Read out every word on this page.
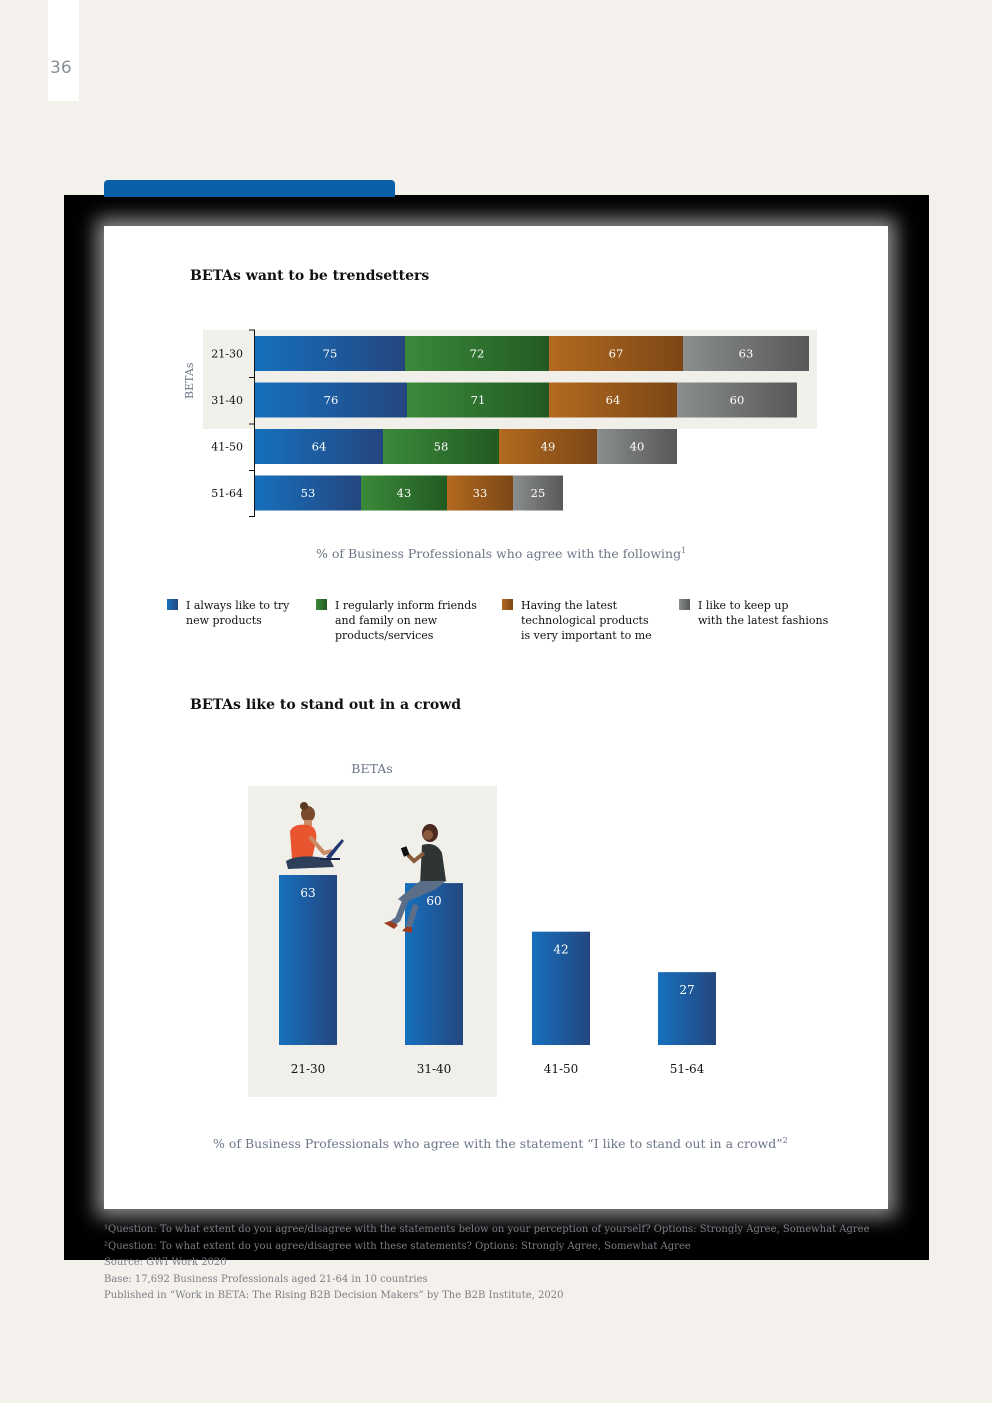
36
BETAs want to be trendsetters
BETAs
21-30	75	72	67	63
31-40	76	71	64	60
41-50	64	58	49	40
51-64	53	43	33	25
% of Business Professionals who agree with the following$^1$
I always like to try
new products
I regularly inform friends
and family on new
products/services
Having the latest
technological products
is very important to me
I like to keep up
with the latest fashions
BETAs like to stand out in a crowd
BETAs
63
21-30
60
31-40
42
41-50
27
51-64
% of Business Professionals who agree with the statement “I like to stand out in a crowd”$^2$
¹Question: To what extent do you agree/disagree with the statements below on your perception of yourself? Options: Strongly Agree, Somewhat Agree
²Question: To what extent do you agree/disagree with these statements? Options: Strongly Agree, Somewhat Agree
Source: GWI Work 2020
Base: 17,692 Business Professionals aged 21-64 in 10 countries
Published in “Work in BETA: The Rising B2B Decision Makers” by The B2B Institute, 2020
